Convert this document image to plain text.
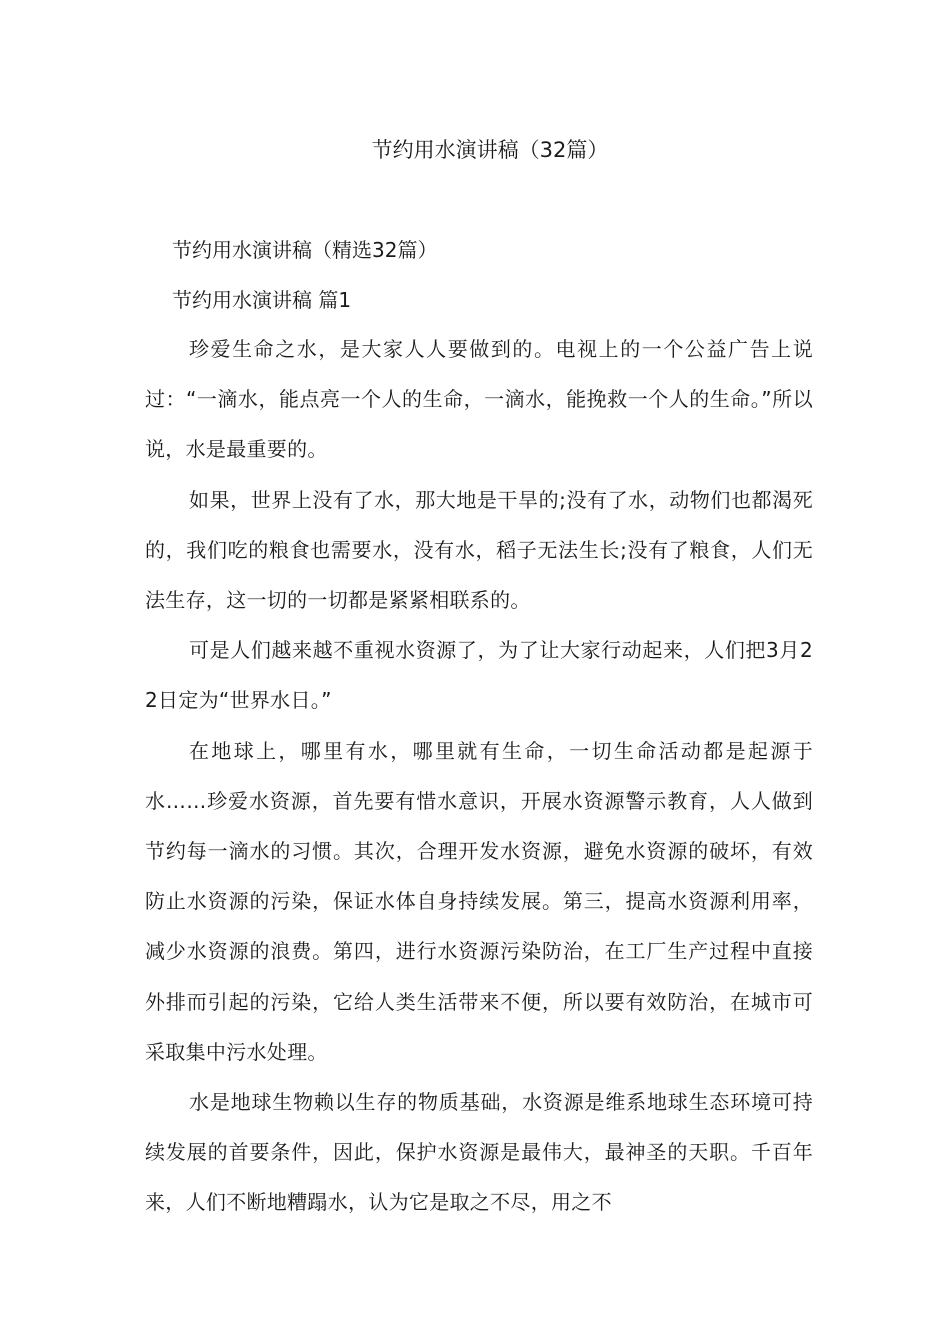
节约用水演讲稿（32篇）

节约用水演讲稿（精选32篇）

节约用水演讲稿 篇1

珍爱生命之水，是大家人人要做到的。电视上的一个公益广告上说过：“一滴水，能点亮一个人的生命，一滴水，能挽救一个人的生命。”所以说，水是最重要的。

如果，世界上没有了水，那大地是干旱的;没有了水，动物们也都渴死的，我们吃的粮食也需要水，没有水，稻子无法生长;没有了粮食，人们无法生存，这一切的一切都是紧紧相联系的。

可是人们越来越不重视水资源了，为了让大家行动起来，人们把3月22日定为“世界水日。”

在地球上，哪里有水，哪里就有生命，一切生命活动都是起源于水……珍爱水资源，首先要有惜水意识，开展水资源警示教育，人人做到节约每一滴水的习惯。其次，合理开发水资源，避免水资源的破坏，有效防止水资源的污染，保证水体自身持续发展。第三，提高水资源利用率，减少水资源的浪费。第四，进行水资源污染防治，在工厂生产过程中直接外排而引起的污染，它给人类生活带来不便，所以要有效防治，在城市可采取集中污水处理。

水是地球生物赖以生存的物质基础，水资源是维系地球生态环境可持续发展的首要条件，因此，保护水资源是最伟大，最神圣的天职。千百年来，人们不断地糟蹋水，认为它是取之不尽，用之不
